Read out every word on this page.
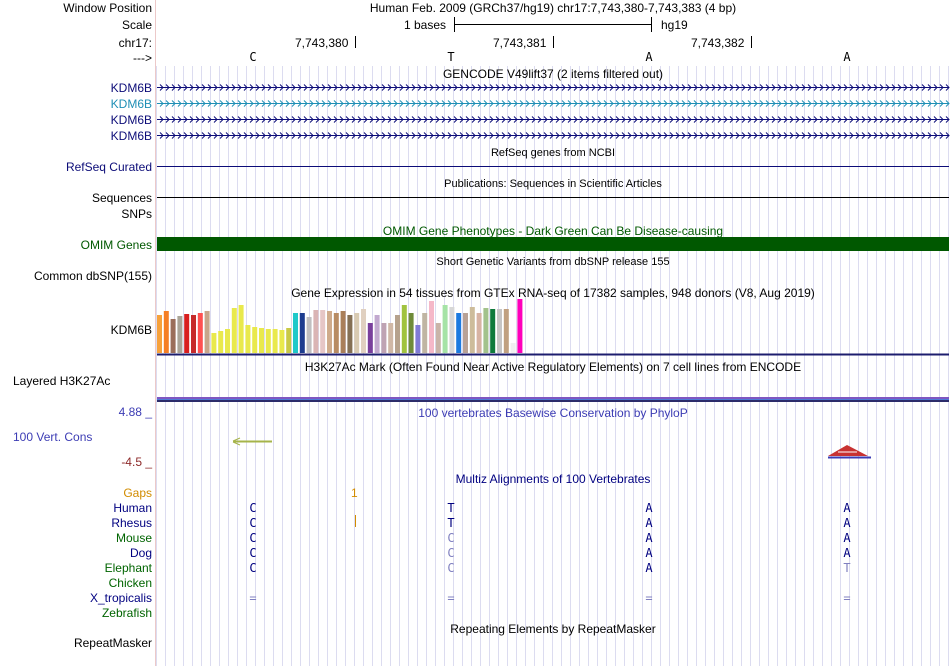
Window Position	Human Feb. 2009 (GRCh37/hg19) chr17:7,743,380-7,743,383 (4 bp)
Scale	1 bases	hg19
chr17:	7,743,380	7,743,381	7,743,382
--->	C	T	A	A
GENCODE V49lift37 (2 items filtered out)
KDM6B
KDM6B
KDM6B
KDM6B
RefSeq genes from NCBI
RefSeq Curated
Publications: Sequences in Scientific Articles
Sequences
SNPs
OMIM Gene Phenotypes - Dark Green Can Be Disease-causing
OMIM Genes
Short Genetic Variants from dbSNP release 155
Common dbSNP(155)
Gene Expression in 54 tissues from GTEx RNA-seq of 17382 samples, 948 donors (V8, Aug 2019)
KDM6B
H3K27Ac Mark (Often Found Near Active Regulatory Elements) on 7 cell lines from ENCODE
Layered H3K27Ac
4.88 _	100 vertebrates Basewise Conservation by PhyloP
100 Vert. Cons
-4.5 _
Multiz Alignments of 100 Vertebrates
Gaps	1
Human	C	T	A	A
Rhesus	C	T	A	A
Mouse	C	C	A	A
Dog	C	C	A	A
Elephant	C	C	A	T
Chicken
X_tropicalis	=	=	=	=
Zebrafish
Repeating Elements by RepeatMasker
RepeatMasker
